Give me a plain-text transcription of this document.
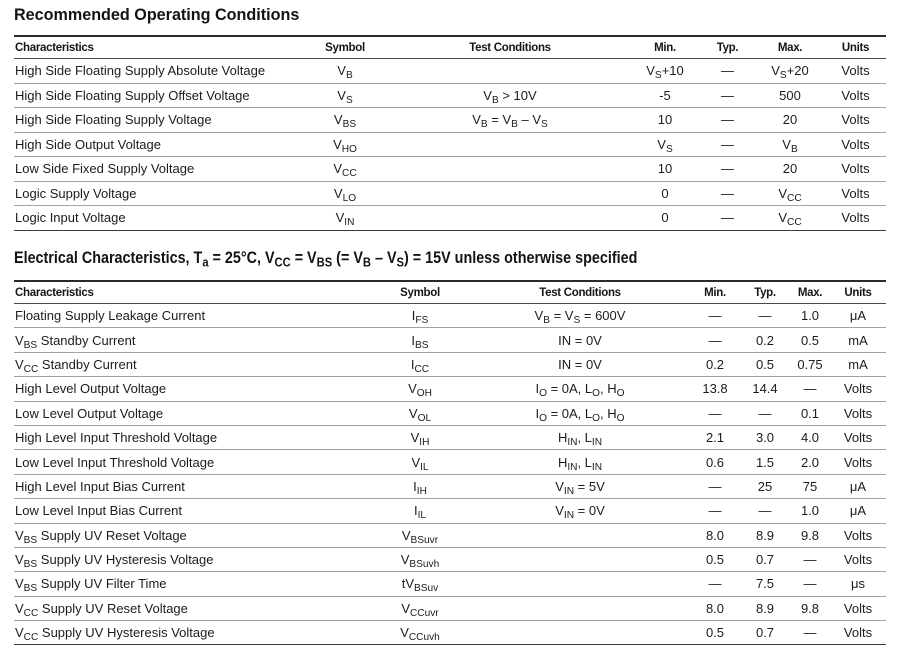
Recommended Operating Conditions
Characteristics	Symbol	Test Conditions	Min.	Typ.	Max.	Units
High Side Floating Supply Absolute Voltage	$V_B$		$V_S+10$	—	$V_S+20$	Volts
High Side Floating Supply Offset Voltage	$V_S$	$V_B > 10V$	-5	—	500	Volts
High Side Floating Supply Voltage	$V_{BS}$	$V_B = V_B - V_S$	10	—	20	Volts
High Side Output Voltage	$V_{HO}$		$V_S$	—	$V_B$	Volts
Low Side Fixed Supply Voltage	$V_{CC}$		10	—	20	Volts
Logic Supply Voltage	$V_{LO}$		0	—	$V_{CC}$	Volts
Logic Input Voltage	$V_{IN}$		0	—	$V_{CC}$	Volts
Electrical Characteristics, $T_a = 25^\circ C$, $V_{CC} = V_{BS}$ (= $V_B - V_S) = 15V$ unless otherwise specified
Characteristics	Symbol	Test Conditions	Min.	Typ.	Max.	Units
Floating Supply Leakage Current	$I_{FS}$	$V_B = V_S = 600V$	—	—	1.0	μA
$V_{BS}$ Standby Current	$I_{BS}$	IN = 0V	—	0.2	0.5	mA
$V_{CC}$ Standby Current	$I_{CC}$	IN = 0V	0.2	0.5	0.75	mA
High Level Output Voltage	$V_{OH}$	$I_O = 0A$, $L_O$, $H_O$	13.8	14.4	—	Volts
Low Level Output Voltage	$V_{OL}$	$I_O = 0A$, $L_O$, $H_O$	—	—	0.1	Volts
High Level Input Threshold Voltage	$V_{IH}$	$H_{IN}$, $L_{IN}$	2.1	3.0	4.0	Volts
Low Level Input Threshold Voltage	$V_{IL}$	$H_{IN}$, $L_{IN}$	0.6	1.5	2.0	Volts
High Level Input Bias Current	$I_{IH}$	$V_{IN} = 5V$	—	25	75	μA
Low Level Input Bias Current	$I_{IL}$	$V_{IN} = 0V$	—	—	1.0	μA
$V_{BS}$ Supply UV Reset Voltage	$V_{BSuvr}$		8.0	8.9	9.8	Volts
$V_{BS}$ Supply UV Hysteresis Voltage	$V_{BSuvh}$		0.5	0.7	—	Volts
$V_{BS}$ Supply UV Filter Time	$tV_{BSuv}$		—	7.5	—	μs
$V_{CC}$ Supply UV Reset Voltage	$V_{CCuvr}$		8.0	8.9	9.8	Volts
$V_{CC}$ Supply UV Hysteresis Voltage	$V_{CCuvh}$		0.5	0.7	—	Volts
